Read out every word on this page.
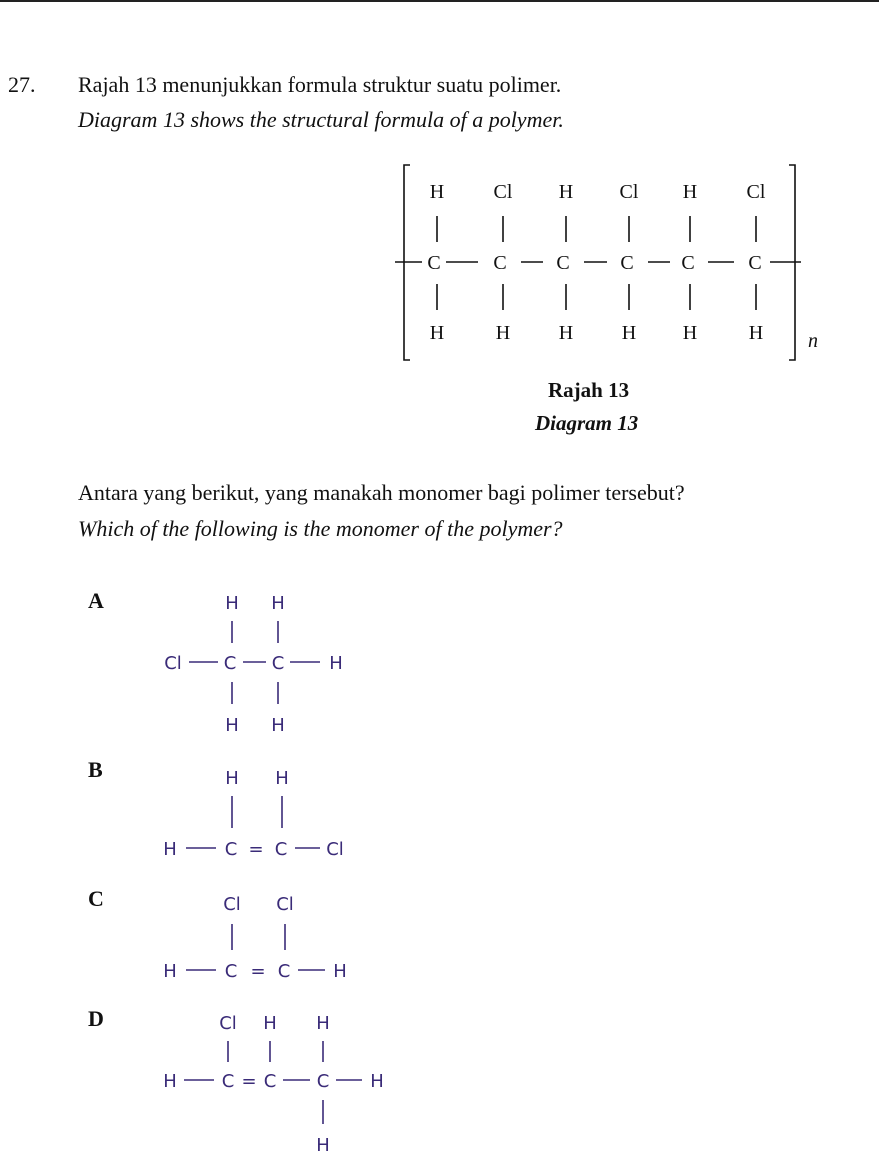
27. Rajah 13 menunjukkan formula struktur suatu polimer.
Diagram 13 shows the structural formula of a polymer.
H Cl H Cl H Cl
C	C C	C C	C
H	H H H H	H n
Rajah 13
Diagram 13
Antara yang berikut, yang manakah monomer bagi polimer tersebut?
Which of the following is the monomer of the polymer?
A
B
C
D
H H
Cl C C H
H H
H H
H	C = C Cl
Cl Cl
H	C = C H
Cl H H
H C = C C H
H
